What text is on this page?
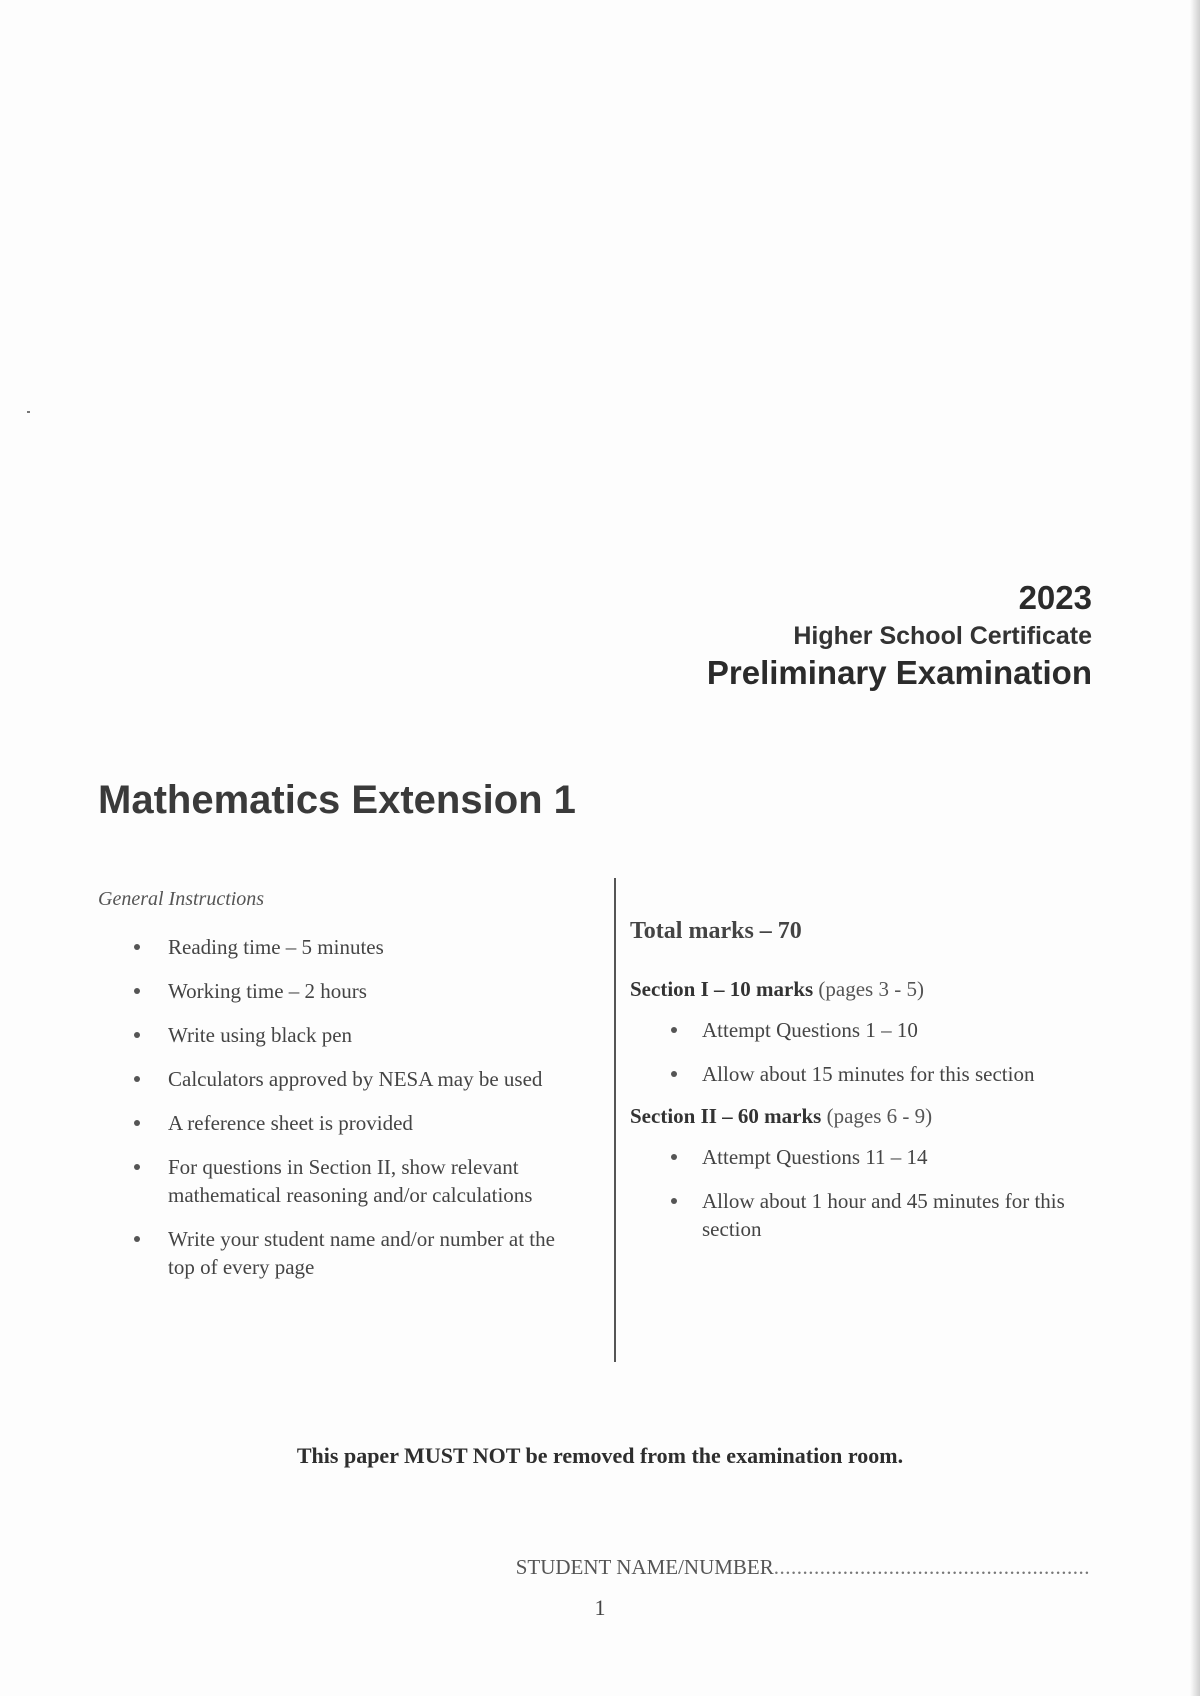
2023
Higher School Certificate
Preliminary Examination
Mathematics Extension 1

General Instructions

Reading time – 5 minutes
Working time – 2 hours
Write using black pen
Calculators approved by NESA may be used
A reference sheet is provided
For questions in Section II, show relevant mathematical reasoning and/or calculations
Write your student name and/or number at the top of every page

Total marks – 70

Section I – 10 marks (pages 3 - 5)

Attempt Questions 1 – 10
Allow about 15 minutes for this section

Section II – 60 marks (pages 6 - 9)

Attempt Questions 11 – 14
Allow about 1 hour and 45 minutes for this section
This paper MUST NOT be removed from the examination room.
STUDENT NAME/NUMBER.......................................................
1
